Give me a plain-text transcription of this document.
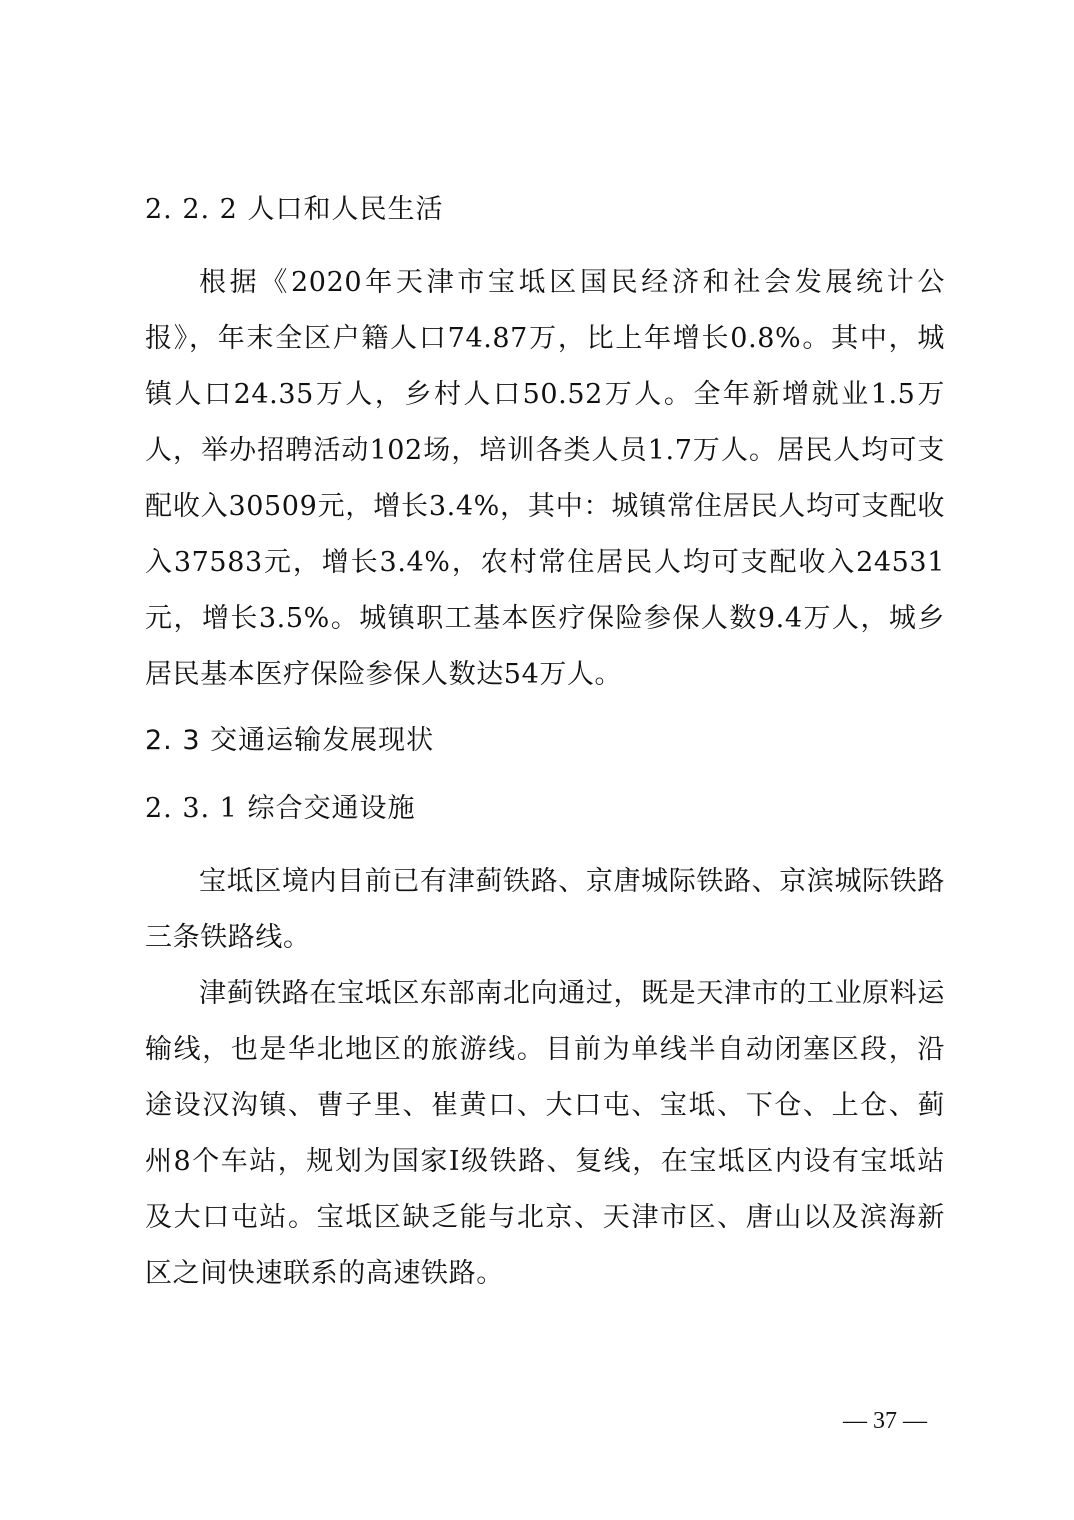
2. 2. 2 人口和人民生活

根据《2020年天津市宝坻区国民经济和社会发展统计公报》，年末全区户籍人口74.87万，比上年增长0.8%。其中，城镇人口24.35万人，乡村人口50.52万人。全年新增就业1.5万人，举办招聘活动102场，培训各类人员1.7万人。居民人均可支配收入30509元，增长3.4%，其中：城镇常住居民人均可支配收入37583元，增长3.4%，农村常住居民人均可支配收入24531元，增长3.5%。城镇职工基本医疗保险参保人数9.4万人，城乡居民基本医疗保险参保人数达54万人。

2. 3 交通运输发展现状
2. 3. 1 综合交通设施

宝坻区境内目前已有津蓟铁路、京唐城际铁路、京滨城际铁路三条铁路线。

津蓟铁路在宝坻区东部南北向通过，既是天津市的工业原料运输线，也是华北地区的旅游线。目前为单线半自动闭塞区段，沿途设汉沟镇、曹子里、崔黄口、大口屯、宝坻、下仓、上仓、蓟州8个车站，规划为国家I级铁路、复线，在宝坻区内设有宝坻站及大口屯站。宝坻区缺乏能与北京、天津市区、唐山以及滨海新区之间快速联系的高速铁路。

— 37 —
